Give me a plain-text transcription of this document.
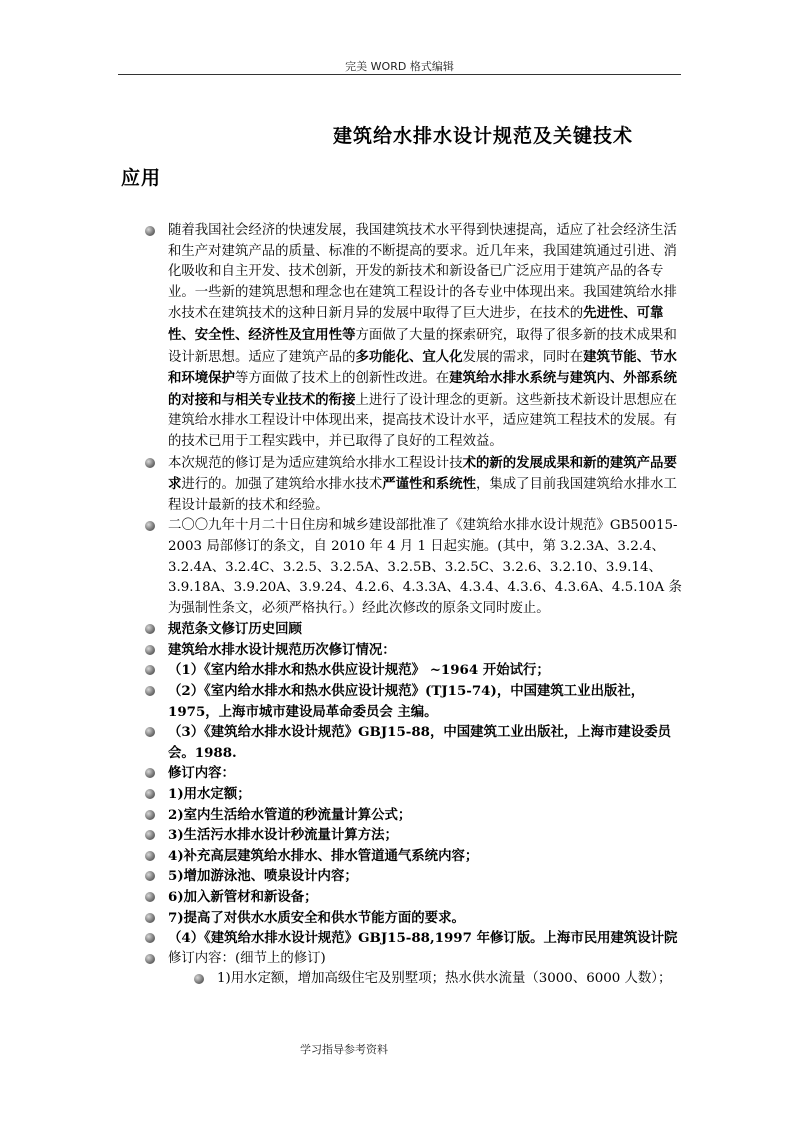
完美 WORD 格式编辑
建筑给水排水设计规范及关键技术
应用
随着我国社会经济的快速发展，我国建筑技术水平得到快速提高，适应了社会经济生活和生产对建筑产品的质量、标准的不断提高的要求。近几年来，我国建筑通过引进、消化吸收和自主开发、技术创新，开发的新技术和新设备已广泛应用于建筑产品的各专业。一些新的建筑思想和理念也在建筑工程设计的各专业中体现出来。我国建筑给水排水技术在建筑技术的这种日新月异的发展中取得了巨大进步，在技术的先进性、可靠性、安全性、经济性及宜用性等方面做了大量的探索研究，取得了很多新的技术成果和设计新思想。适应了建筑产品的多功能化、宜人化发展的需求，同时在建筑节能、节水和环境保护等方面做了技术上的创新性改进。在建筑给水排水系统与建筑内、外部系统的对接和与相关专业技术的衔接上进行了设计理念的更新。这些新技术新设计思想应在建筑给水排水工程设计中体现出来，提高技术设计水平，适应建筑工程技术的发展。有的技术已用于工程实践中，并已取得了良好的工程效益。
本次规范的修订是为适应建筑给水排水工程设计技术的新的发展成果和新的建筑产品要求进行的。加强了建筑给水排水技术严谨性和系统性，集成了目前我国建筑给水排水工程设计最新的技术和经验。
二〇〇九年十月二十日住房和城乡建设部批准了《建筑给水排水设计规范》GB50015-2003 局部修订的条文，自 2010 年 4 月 1 日起实施。(其中，第 3.2.3A、3.2.4、3.2.4A、3.2.4C、3.2.5、3.2.5A、3.2.5B、3.2.5C、3.2.6、3.2.10、3.9.14、3.9.18A、3.9.20A、3.9.24、4.2.6、4.3.3A、4.3.4、4.3.6、4.3.6A、4.5.10A 条为强制性条文，必须严格执行。）经此次修改的原条文同时废止。
规范条文修订历史回顾
建筑给水排水设计规范历次修订情况：
（1）《室内给水排水和热水供应设计规范》 ~1964 开始试行；
（2）《室内给水排水和热水供应设计规范》(TJ15-74)，中国建筑工业出版社，1975，上海市城市建设局革命委员会 主编。
（3）《建筑给水排水设计规范》GBJ15-88，中国建筑工业出版社，上海市建设委员会。1988.
修订内容：
1)用水定额；
2)室内生活给水管道的秒流量计算公式；
3)生活污水排水设计秒流量计算方法；
4)补充高层建筑给水排水、排水管道通气系统内容；
5)增加游泳池、喷泉设计内容；
6)加入新管材和新设备；
7)提高了对供水水质安全和供水节能方面的要求。
（4）《建筑给水排水设计规范》GBJ15-88,1997 年修订版。上海市民用建筑设计院
修订内容：(细节上的修订)
1)用水定额，增加高级住宅及别墅项；热水供水流量（3000、6000 人数）；
学习指导参考资料
